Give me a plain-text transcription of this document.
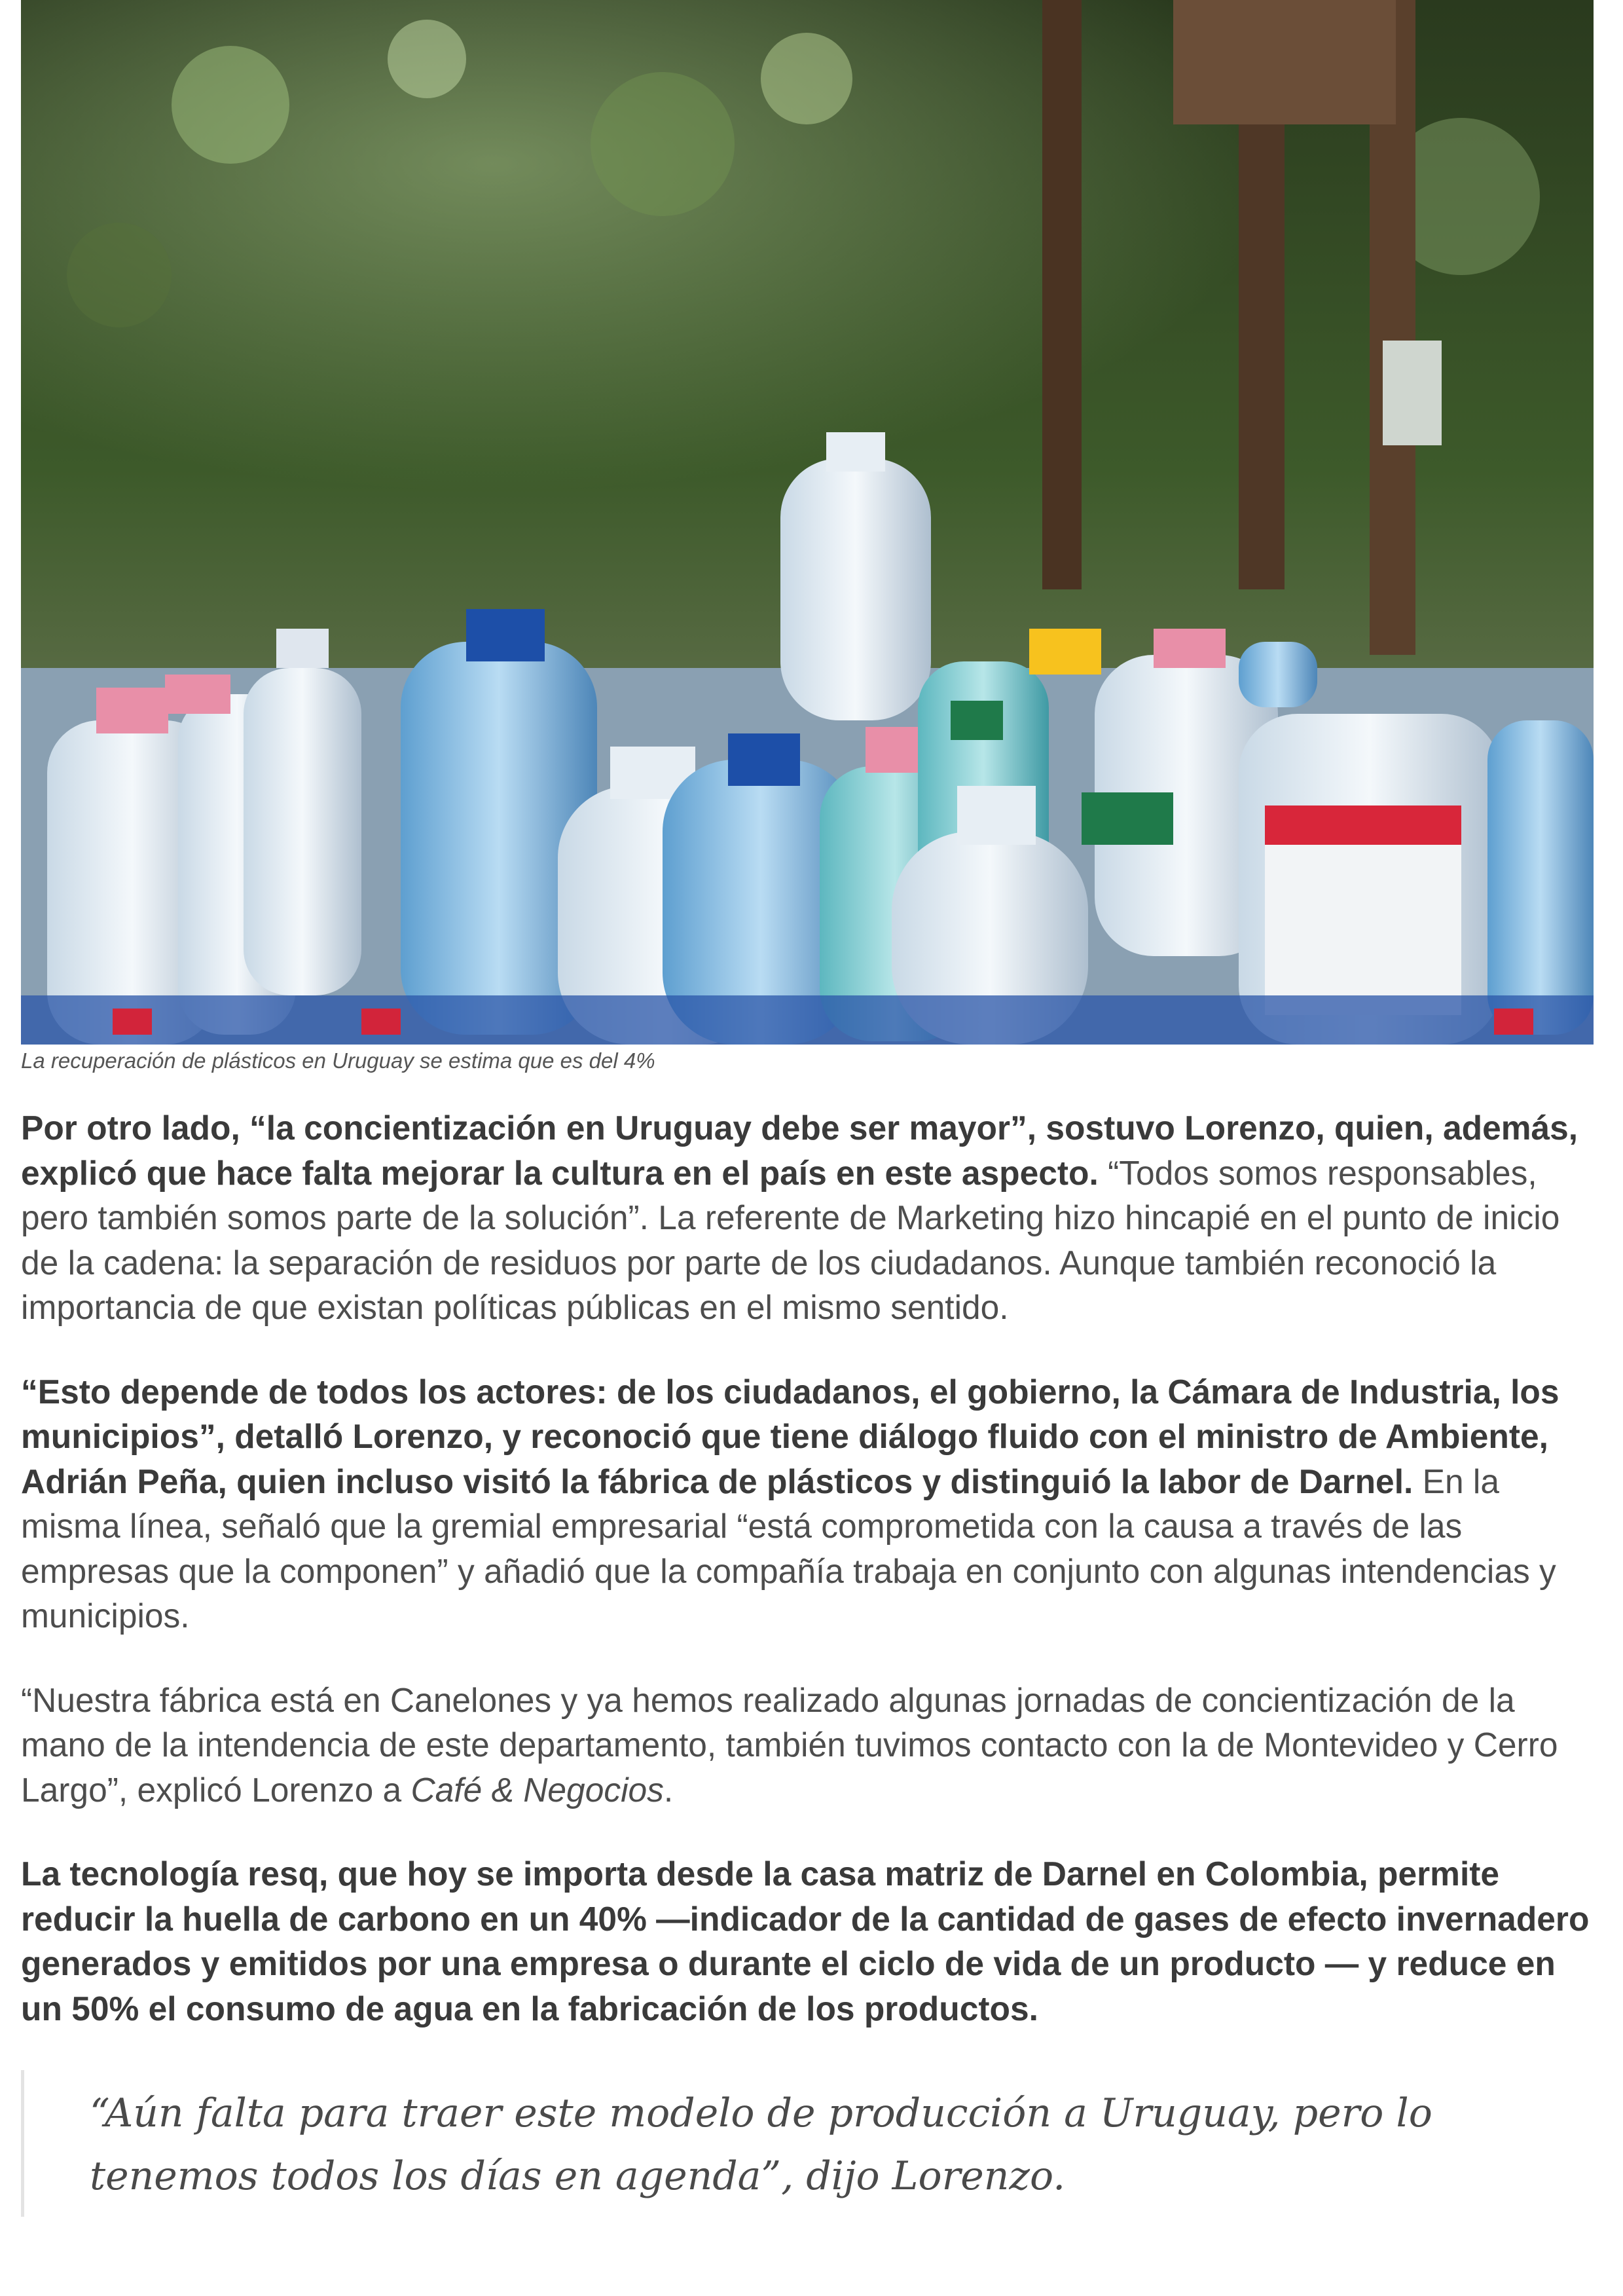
La recuperación de plásticos en Uruguay se estima que es del 4%

Por otro lado, “la concientización en Uruguay debe ser mayor”, sostuvo Lorenzo, quien, además, explicó que hace falta mejorar la cultura en el país en este aspecto. “Todos somos responsables, pero también somos parte de la solución”. La referente de Marketing hizo hincapié en el punto de inicio de la cadena: la separación de residuos por parte de los ciudadanos. Aunque también reconoció la importancia de que existan políticas públicas en el mismo sentido.

“Esto depende de todos los actores: de los ciudadanos, el gobierno, la Cámara de Industria, los municipios”, detalló Lorenzo, y reconoció que tiene diálogo fluido con el ministro de Ambiente, Adrián Peña, quien incluso visitó la fábrica de plásticos y distinguió la labor de Darnel. En la misma línea, señaló que la gremial empresarial “está comprometida con la causa a través de las empresas que la componen” y añadió que la compañía trabaja en conjunto con algunas intendencias y municipios.

“Nuestra fábrica está en Canelones y ya hemos realizado algunas jornadas de concientización de la mano de la intendencia de este departamento, también tuvimos contacto con la de Montevideo y Cerro Largo”, explicó Lorenzo a Café & Negocios.

La tecnología resq, que hoy se importa desde la casa matriz de Darnel en Colombia, permite reducir la huella de carbono en un 40% —indicador de la cantidad de gases de efecto invernadero generados y emitidos por una empresa o durante el ciclo de vida de un producto — y reduce en un 50% el consumo de agua en la fabricación de los productos.

“Aún falta para traer este modelo de producción a Uruguay, pero lo tenemos todos los días en agenda”, dijo Lorenzo.
